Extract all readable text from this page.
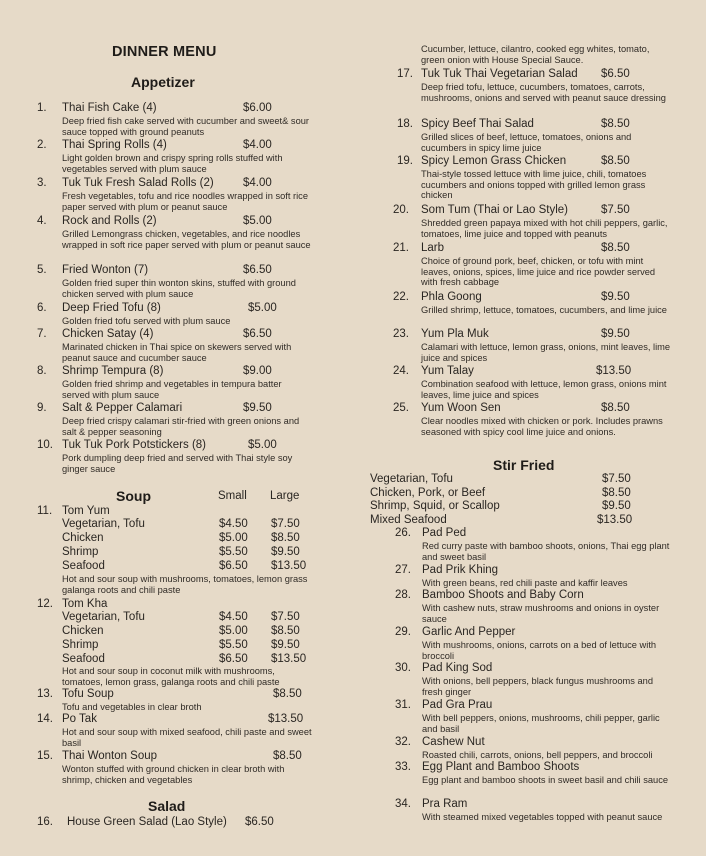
DINNER MENU
Appetizer
1. Thai Fish Cake (4)	$6.00
Deep fried fish cake served with cucumber and sweet& sour sauce topped with ground peanuts
2. Thai Spring Rolls (4)	$4.00
Light golden brown and crispy spring rolls stuffed with vegetables served with plum sauce
3. Tuk Tuk Fresh Salad Rolls (2)	$4.00
Fresh vegetables, tofu and rice noodles wrapped in soft rice paper served with plum or peanut sauce
4. Rock and Rolls (2)	$5.00
Grilled Lemongrass chicken, vegetables, and rice noodles wrapped in soft rice paper served with plum or peanut sauce
5. Fried Wonton (7)	$6.50
Golden fried super thin wonton skins, stuffed with ground chicken served with plum sauce
6. Deep Fried Tofu (8)	$5.00
Golden fried tofu served with plum sauce
7. Chicken Satay (4)	$6.50
Marinated chicken in Thai spice on skewers served with peanut sauce and cucumber sauce
8. Shrimp Tempura (8)	$9.00
Golden fried shrimp and vegetables in tempura batter served with plum sauce
9. Salt & Pepper Calamari	$9.50
Deep fried crispy calamari stir-fried with green onions and salt & pepper seasoning
10. Tuk Tuk Pork Potstickers (8)	$5.00
Pork dumpling deep fried and served with Thai style soy ginger sauce
Soup	Small Large
11. Tom Yum
Vegetarian, Tofu	$4.50 $7.50
Chicken	$5.00 $8.50
Shrimp	$5.50 $9.50
Seafood	$6.50 $13.50
Hot and sour soup with mushrooms, tomatoes, lemon grass galanga roots and chili paste
12. Tom Kha
Vegetarian, Tofu	$4.50 $7.50
Chicken	$5.00 $8.50
Shrimp	$5.50 $9.50
Seafood	$6.50 $13.50
Hot and sour soup in coconut milk with mushrooms, tomatoes, lemon grass, galanga roots and chili paste
13. Tofu Soup	$8.50
Tofu and vegetables in clear broth
14. Po Tak	$13.50
Hot and sour soup with mixed seafood, chili paste and sweet basil
15. Thai Wonton Soup	$8.50
Wonton stuffed with ground chicken in clear broth with shrimp, chicken and vegetables
Salad
16. House Green Salad (Lao Style) $6.50
Cucumber, lettuce, cilantro, cooked egg whites, tomato, green onion with House Special Sauce.
17. Tuk Tuk Thai Vegetarian Salad $6.50
Deep fried tofu, lettuce, cucumbers, tomatoes, carrots, mushrooms, onions and served with peanut sauce dressing
18. Spicy Beef Thai Salad	$8.50
Grilled slices of beef, lettuce, tomatoes, onions and cucumbers in spicy lime juice
19. Spicy Lemon Grass Chicken	$8.50
Thai-style tossed lettuce with lime juice, chili, tomatoes cucumbers and onions topped with grilled lemon grass chicken
20. Som Tum (Thai or Lao Style)	$7.50
Shredded green papaya mixed with hot chili peppers, garlic, tomatoes, lime juice and topped with peanuts
21. Larb	$8.50
Choice of ground pork, beef, chicken, or tofu with mint leaves, onions, spices, lime juice and rice powder served with fresh cabbage
22. Phla Goong	$9.50
Grilled shrimp, lettuce, tomatoes, cucumbers, and lime juice
23. Yum Pla Muk	$9.50
Calamari with lettuce, lemon grass, onions, mint leaves, lime juice and spices
24. Yum Talay	$13.50
Combination seafood with lettuce, lemon grass, onions mint leaves, lime juice and spices
25. Yum Woon Sen	$8.50
Clear noodles mixed with chicken or pork. Includes prawns seasoned with spicy cool lime juice and onions.
Stir Fried
Vegetarian, Tofu	$7.50
Chicken, Pork, or Beef	$8.50
Shrimp, Squid, or Scallop	$9.50
Mixed Seafood	$13.50
26. Pad Ped
Red curry paste with bamboo shoots, onions, Thai egg plant and sweet basil
27. Pad Prik Khing
With green beans, red chili paste and kaffir leaves
28. Bamboo Shoots and Baby Corn
With cashew nuts, straw mushrooms and onions in oyster sauce
29. Garlic And Pepper
With mushrooms, onions, carrots on a bed of lettuce with broccoli
30. Pad King Sod
With onions, bell peppers, black fungus mushrooms and fresh ginger
31. Pad Gra Prau
With bell peppers, onions, mushrooms, chili pepper, garlic and basil
32. Cashew Nut
Roasted chili, carrots, onions, bell peppers, and broccoli
33. Egg Plant and Bamboo Shoots
Egg plant and bamboo shoots in sweet basil and chili sauce
34. Pra Ram
With steamed mixed vegetables topped with peanut sauce
